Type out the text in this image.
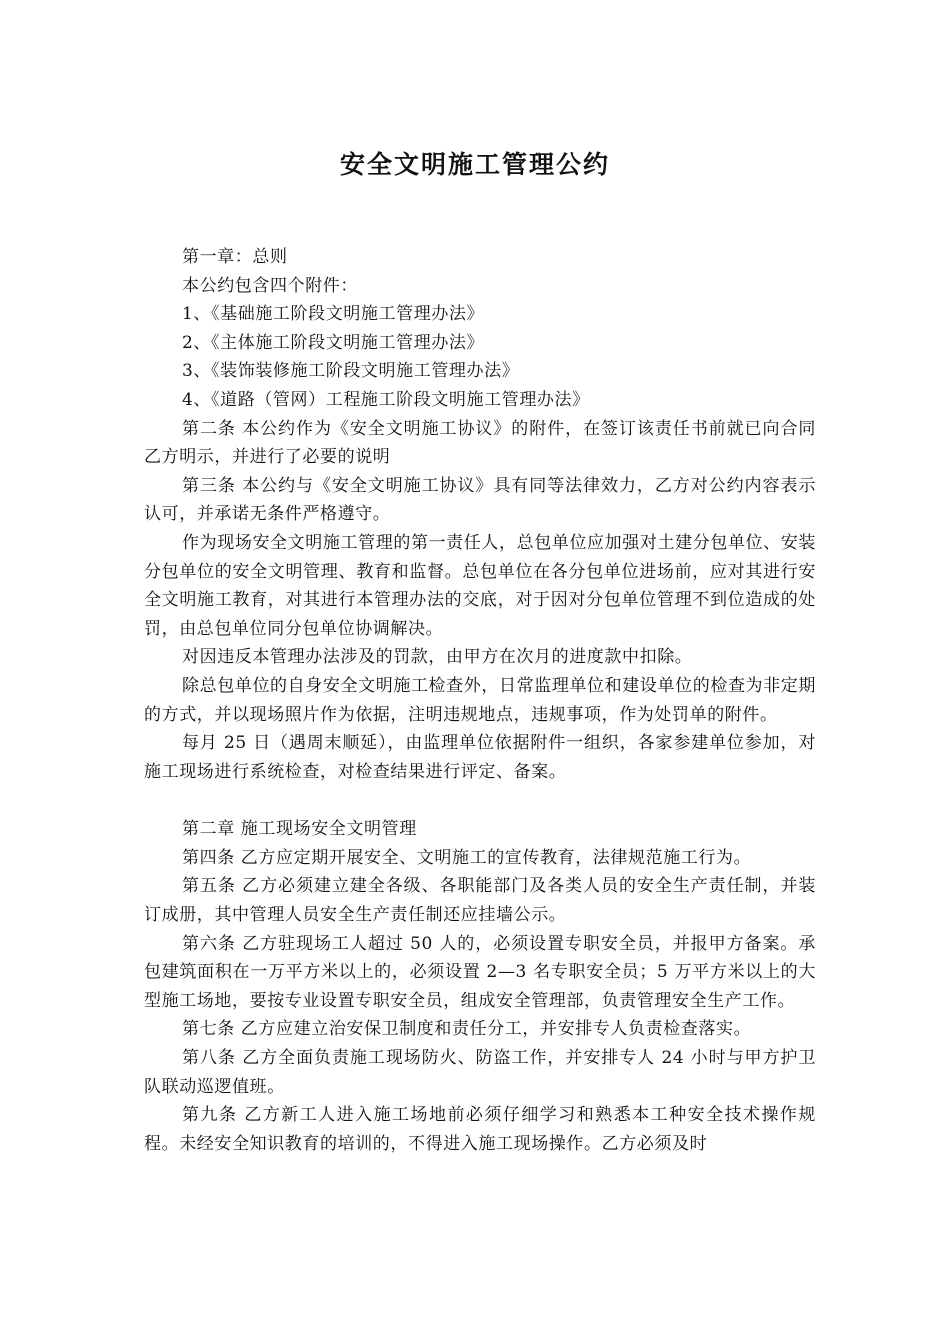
安全文明施工管理公约

第一章：总则

本公约包含四个附件：

1、《基础施工阶段文明施工管理办法》

2、《主体施工阶段文明施工管理办法》

3、《装饰装修施工阶段文明施工管理办法》

4、《道路（管网）工程施工阶段文明施工管理办法》

第二条 本公约作为《安全文明施工协议》的附件，在签订该责任书前就已向合同乙方明示，并进行了必要的说明

第三条 本公约与《安全文明施工协议》具有同等法律效力，乙方对公约内容表示认可，并承诺无条件严格遵守。

作为现场安全文明施工管理的第一责任人，总包单位应加强对土建分包单位、安装分包单位的安全文明管理、教育和监督。总包单位在各分包单位进场前，应对其进行安全文明施工教育，对其进行本管理办法的交底，对于因对分包单位管理不到位造成的处罚，由总包单位同分包单位协调解决。

对因违反本管理办法涉及的罚款，由甲方在次月的进度款中扣除。

除总包单位的自身安全文明施工检查外，日常监理单位和建设单位的检查为非定期的方式，并以现场照片作为依据，注明违规地点，违规事项，作为处罚单的附件。

每月 25 日（遇周末顺延），由监理单位依据附件一组织，各家参建单位参加，对施工现场进行系统检查，对检查结果进行评定、备案。

第二章 施工现场安全文明管理

第四条 乙方应定期开展安全、文明施工的宣传教育，法律规范施工行为。

第五条 乙方必须建立建全各级、各职能部门及各类人员的安全生产责任制，并装订成册，其中管理人员安全生产责任制还应挂墙公示。

第六条 乙方驻现场工人超过 50 人的，必须设置专职安全员，并报甲方备案。承包建筑面积在一万平方米以上的，必须设置 2—3 名专职安全员；5 万平方米以上的大型施工场地，要按专业设置专职安全员，组成安全管理部，负责管理安全生产工作。

第七条 乙方应建立治安保卫制度和责任分工，并安排专人负责检查落实。

第八条 乙方全面负责施工现场防火、防盗工作，并安排专人 24 小时与甲方护卫队联动巡逻值班。

第九条 乙方新工人进入施工场地前必须仔细学习和熟悉本工种安全技术操作规程。未经安全知识教育的培训的，不得进入施工现场操作。乙方必须及时
